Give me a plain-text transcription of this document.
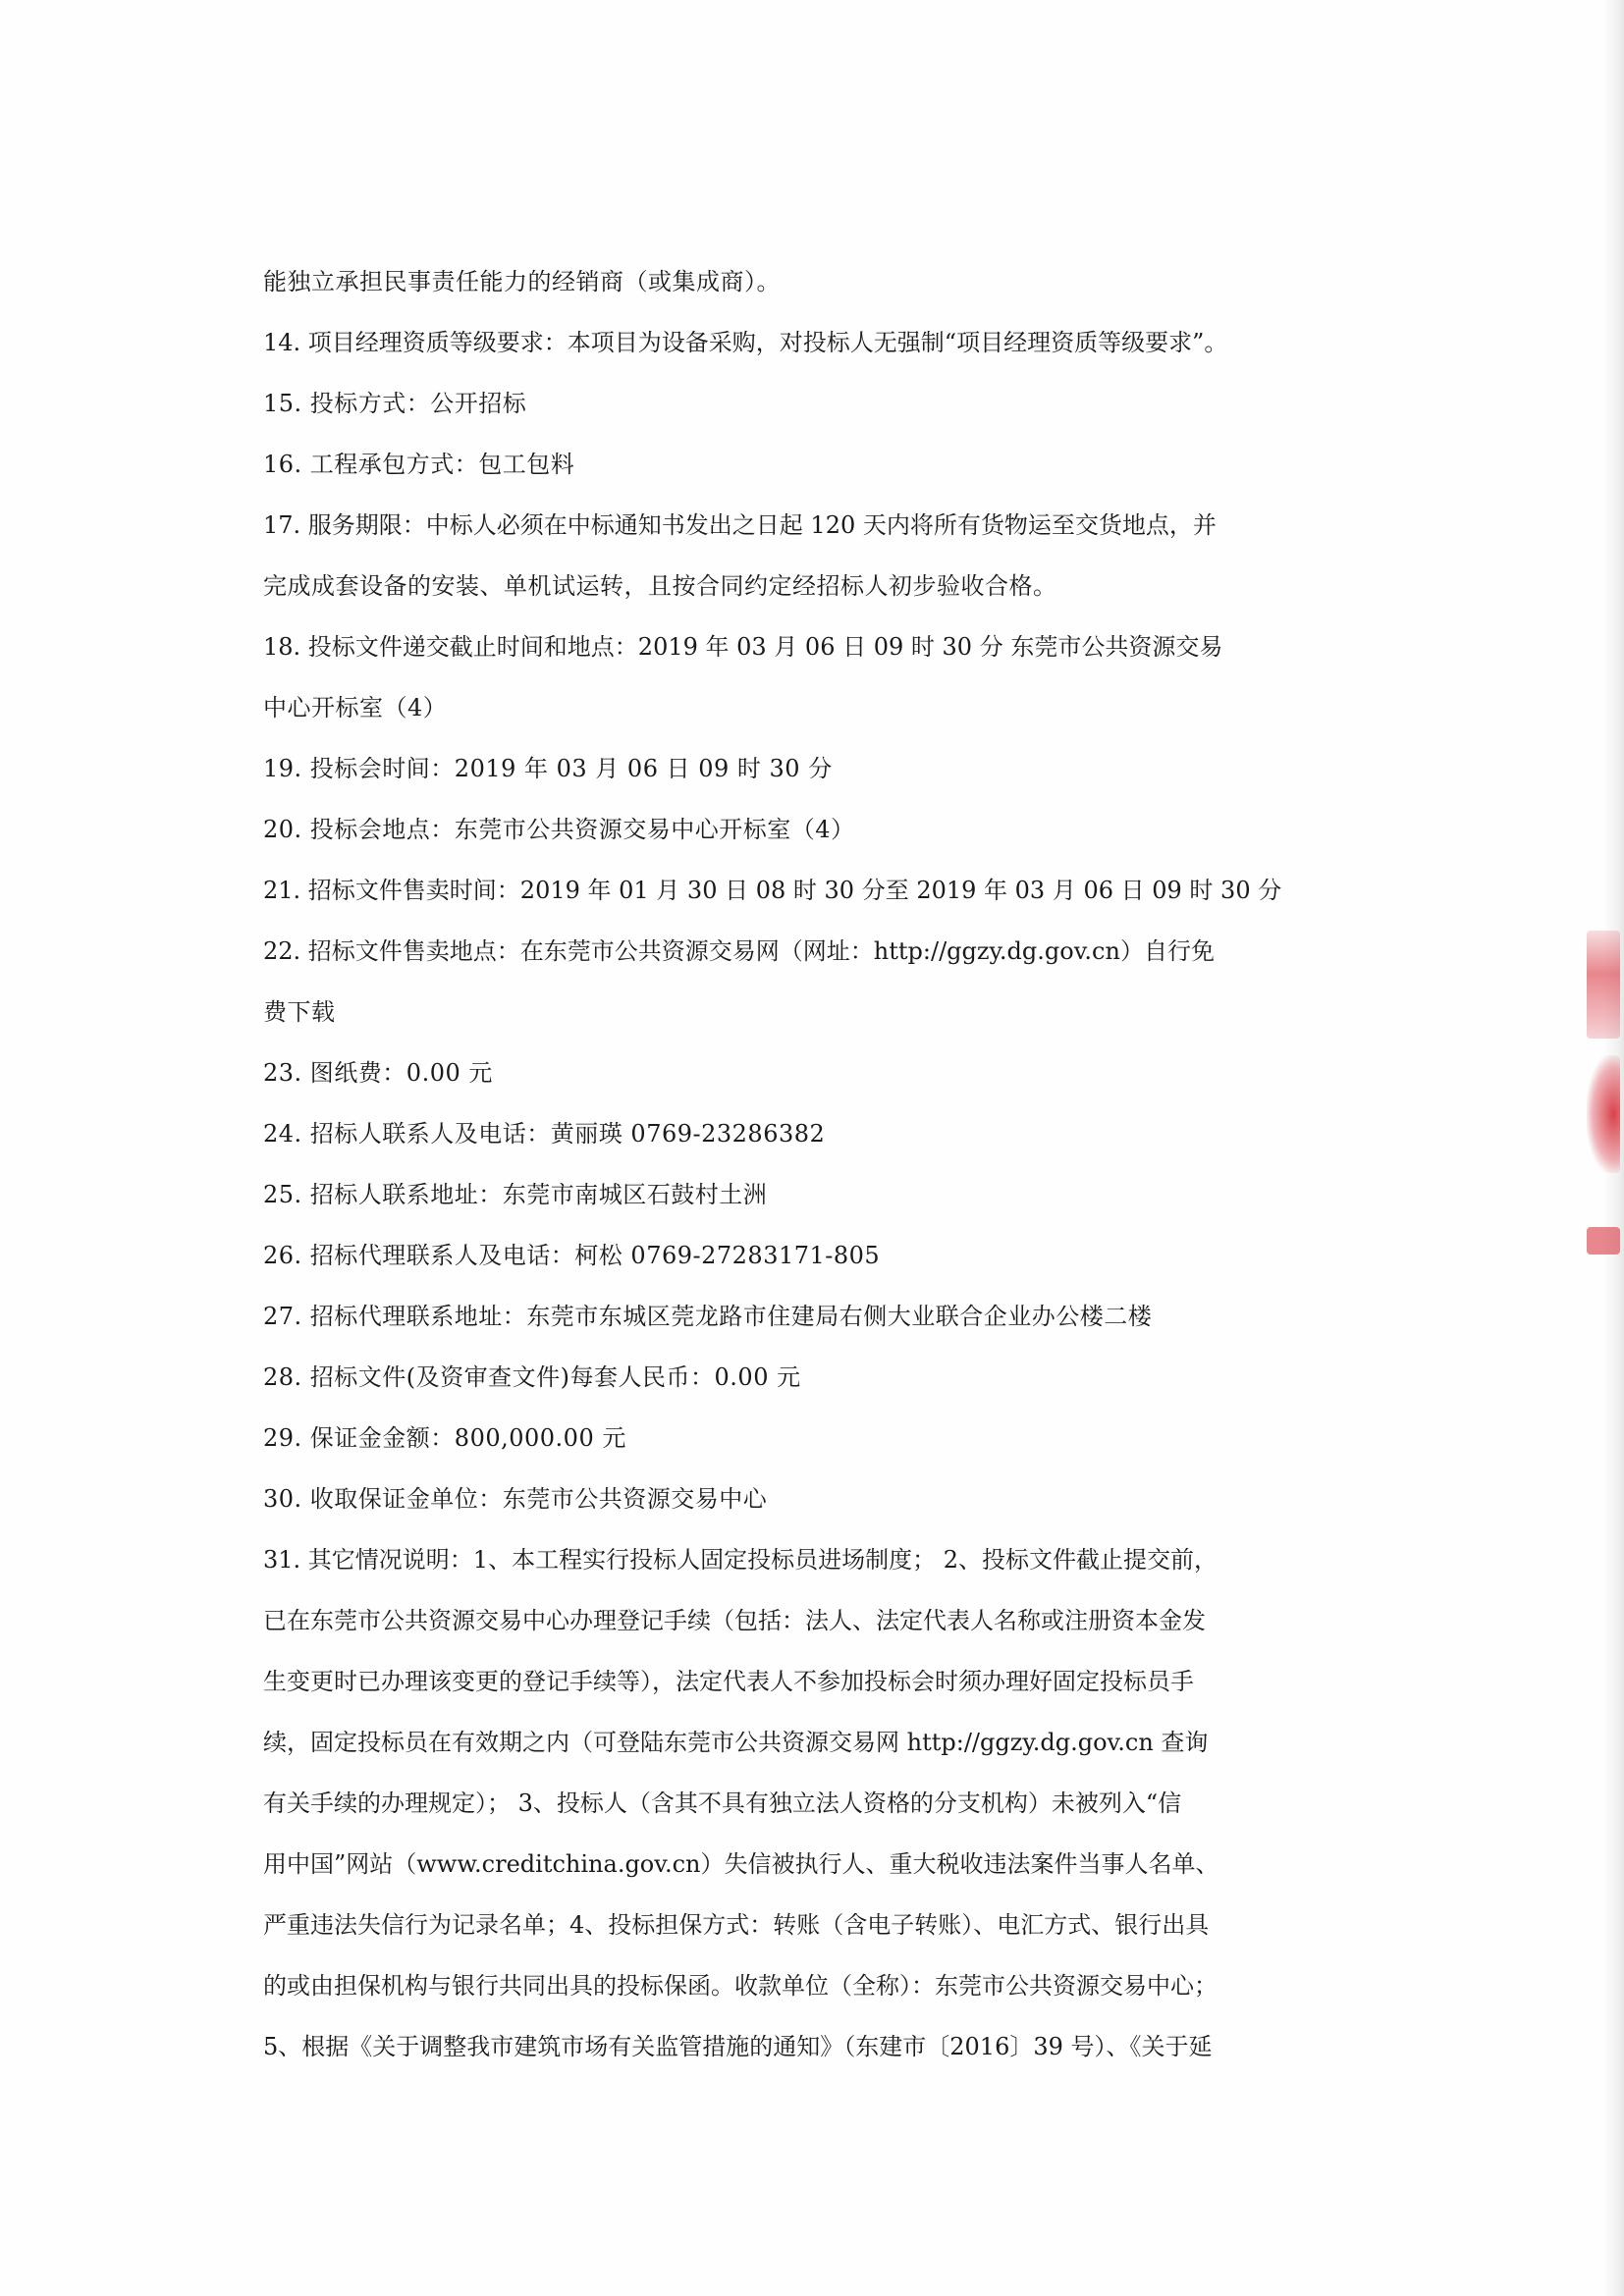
能独立承担民事责任能力的经销商（或集成商）。

14. 项目经理资质等级要求：本项目为设备采购，对投标人无强制“项目经理资质等级要求”。

15. 投标方式：公开招标

16. 工程承包方式：包工包料

17. 服务期限：中标人必须在中标通知书发出之日起 120 天内将所有货物运至交货地点，并

完成成套设备的安装、单机试运转，且按合同约定经招标人初步验收合格。

18. 投标文件递交截止时间和地点：2019 年 03 月 06 日 09 时 30 分 东莞市公共资源交易

中心开标室（4）

19. 投标会时间：2019 年 03 月 06 日 09 时 30 分

20. 投标会地点：东莞市公共资源交易中心开标室（4）

21. 招标文件售卖时间：2019 年 01 月 30 日 08 时 30 分至 2019 年 03 月 06 日 09 时 30 分

22. 招标文件售卖地点：在东莞市公共资源交易网（网址：http://ggzy.dg.gov.cn）自行免

费下载

23. 图纸费：0.00 元

24. 招标人联系人及电话：黄丽瑛 0769-23286382

25. 招标人联系地址：东莞市南城区石鼓村土洲

26. 招标代理联系人及电话：柯松 0769-27283171-805

27. 招标代理联系地址：东莞市东城区莞龙路市住建局右侧大业联合企业办公楼二楼

28. 招标文件(及资审查文件)每套人民币：0.00 元

29. 保证金金额：800,000.00 元

30. 收取保证金单位：东莞市公共资源交易中心

31. 其它情况说明：1、本工程实行投标人固定投标员进场制度； 2、投标文件截止提交前，

已在东莞市公共资源交易中心办理登记手续（包括：法人、法定代表人名称或注册资本金发

生变更时已办理该变更的登记手续等），法定代表人不参加投标会时须办理好固定投标员手

续，固定投标员在有效期之内（可登陆东莞市公共资源交易网 http://ggzy.dg.gov.cn 查询

有关手续的办理规定）； 3、投标人（含其不具有独立法人资格的分支机构）未被列入“信

用中国”网站（www.creditchina.gov.cn）失信被执行人、重大税收违法案件当事人名单、

严重违法失信行为记录名单；4、投标担保方式：转账（含电子转账）、电汇方式、银行出具

的或由担保机构与银行共同出具的投标保函。收款单位（全称）：东莞市公共资源交易中心；

5、根据《关于调整我市建筑市场有关监管措施的通知》（东建市〔2016〕39 号）、《关于延
